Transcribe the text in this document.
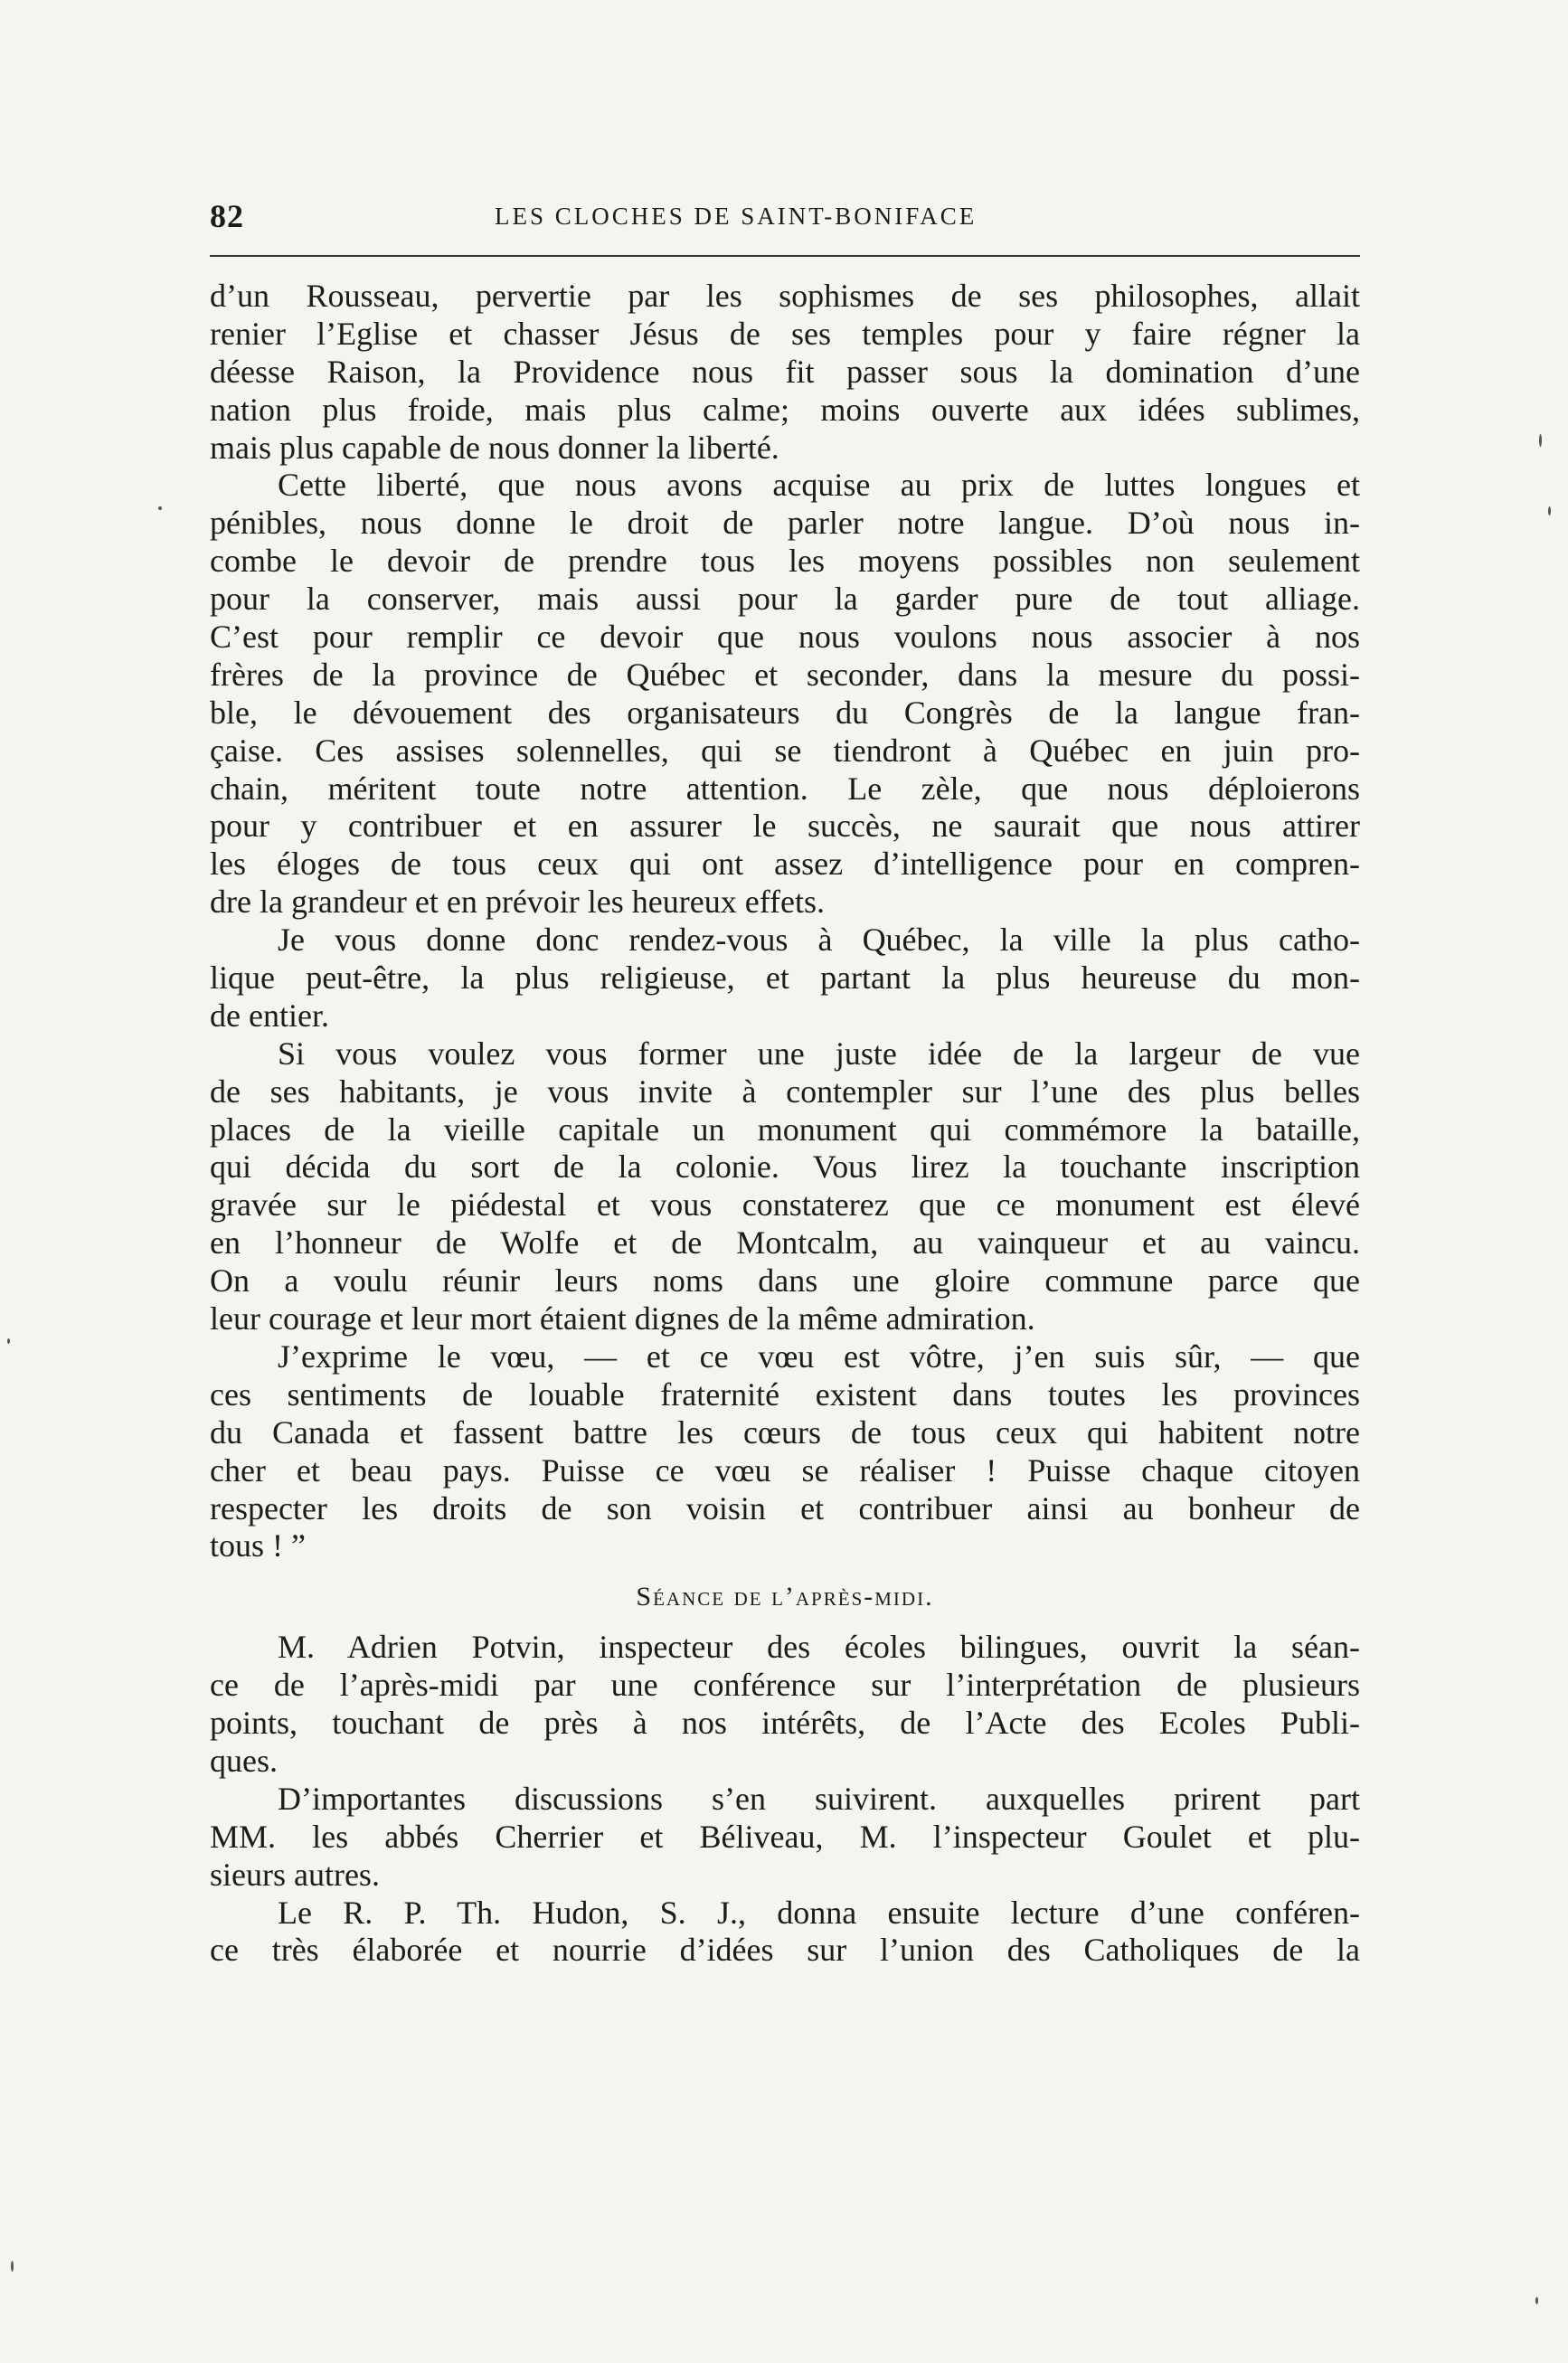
82	LES CLOCHES DE SAINT-BONIFACE
d’un Rousseau, pervertie par les sophismes de ses philosophes, allait
renier l’Eglise et chasser Jésus de ses temples pour y faire régner la
déesse Raison, la Providence nous fit passer sous la domination d’une
nation plus froide, mais plus calme; moins ouverte aux idées sublimes,
mais plus capable de nous donner la liberté.
Cette liberté, que nous avons acquise au prix de luttes longues et
pénibles, nous donne le droit de parler notre langue. D’où nous in-
combe le devoir de prendre tous les moyens possibles non seulement
pour la conserver, mais aussi pour la garder pure de tout alliage.
C’est pour remplir ce devoir que nous voulons nous associer à nos
frères de la province de Québec et seconder, dans la mesure du possi-
ble, le dévouement des organisateurs du Congrès de la langue fran-
çaise. Ces assises solennelles, qui se tiendront à Québec en juin pro-
chain, méritent toute notre attention. Le zèle, que nous déploierons
pour y contribuer et en assurer le succès, ne saurait que nous attirer
les éloges de tous ceux qui ont assez d’intelligence pour en compren-
dre la grandeur et en prévoir les heureux effets.
Je vous donne donc rendez-vous à Québec, la ville la plus catho-
lique peut-être, la plus religieuse, et partant la plus heureuse du mon-
de entier.
Si vous voulez vous former une juste idée de la largeur de vue
de ses habitants, je vous invite à contempler sur l’une des plus belles
places de la vieille capitale un monument qui commémore la bataille,
qui décida du sort de la colonie. Vous lirez la touchante inscription
gravée sur le piédestal et vous constaterez que ce monument est élevé
en l’honneur de Wolfe et de Montcalm, au vainqueur et au vaincu.
On a voulu réunir leurs noms dans une gloire commune parce que
leur courage et leur mort étaient dignes de la même admiration.
J’exprime le vœu, — et ce vœu est vôtre, j’en suis sûr, — que
ces sentiments de louable fraternité existent dans toutes les provinces
du Canada et fassent battre les cœurs de tous ceux qui habitent notre
cher et beau pays. Puisse ce vœu se réaliser ! Puisse chaque citoyen
respecter les droits de son voisin et contribuer ainsi au bonheur de
tous ! ”
Séance de l’après-midi.
M. Adrien Potvin, inspecteur des écoles bilingues, ouvrit la séan-
ce de l’après-midi par une conférence sur l’interprétation de plusieurs
points, touchant de près à nos intérêts, de l’Acte des Ecoles Publi-
ques.
D’importantes discussions s’en suivirent. auxquelles prirent part
MM. les abbés Cherrier et Béliveau, M. l’inspecteur Goulet et plu-
sieurs autres.
Le R. P. Th. Hudon, S. J., donna ensuite lecture d’une conféren-
ce très élaborée et nourrie d’idées sur l’union des Catholiques de la
